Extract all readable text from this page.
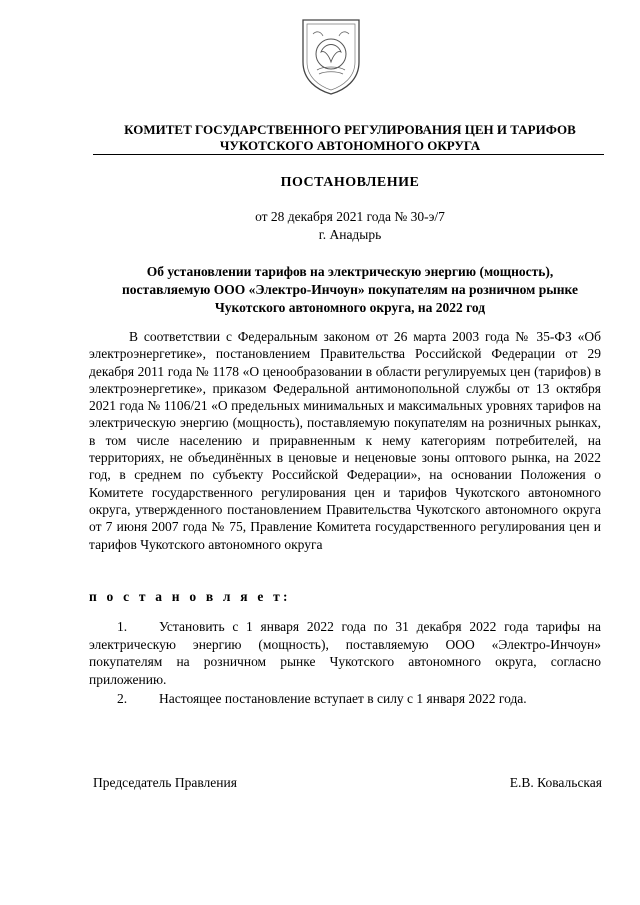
КОМИТЕТ ГОСУДАРСТВЕННОГО РЕГУЛИРОВАНИЯ ЦЕН И ТАРИФОВ
ЧУКОТСКОГО АВТОНОМНОГО ОКРУГА
ПОСТАНОВЛЕНИЕ
от 28 декабря 2021 года № 30-э/7
г. Анадырь
Об установлении тарифов на электрическую энергию (мощность),
поставляемую ООО «Электро-Инчоун» покупателям на розничном рынке
Чукотского автономного округа, на 2022 год

В соответствии с Федеральным законом от 26 марта 2003 года № 35-ФЗ «Об электроэнергетике», постановлением Правительства Российской Федерации от 29 декабря 2011 года № 1178 «О ценообразовании в области регулируемых цен (тарифов) в электроэнергетике», приказом Федеральной антимонопольной службы от 13 октября 2021 года № 1106/21 «О предельных минимальных и максимальных уровнях тарифов на электрическую энергию (мощность), поставляемую покупателям на розничных рынках, в том числе населению и приравненным к нему категориям потребителей, на территориях, не объединённых в ценовые и неценовые зоны оптового рынка, на 2022 год, в среднем по субъекту Российской Федерации», на основании Положения о Комитете государственного регулирования цен и тарифов Чукотского автономного округа, утвержденного постановлением Правительства Чукотского автономного округа от 7 июня 2007 года № 75, Правление Комитета государственного регулирования цен и тарифов Чукотского автономного округа

п о с т а н о в л я е т:
1. Установить с 1 января 2022 года по 31 декабря 2022 года тарифы на электрическую энергию (мощность), поставляемую ООО «Электро-Инчоун» покупателям на розничном рынке Чукотского автономного округа, согласно приложению.
2. Настоящее постановление вступает в силу с 1 января 2022 года.
Председатель Правления	Е.В. Ковальская
